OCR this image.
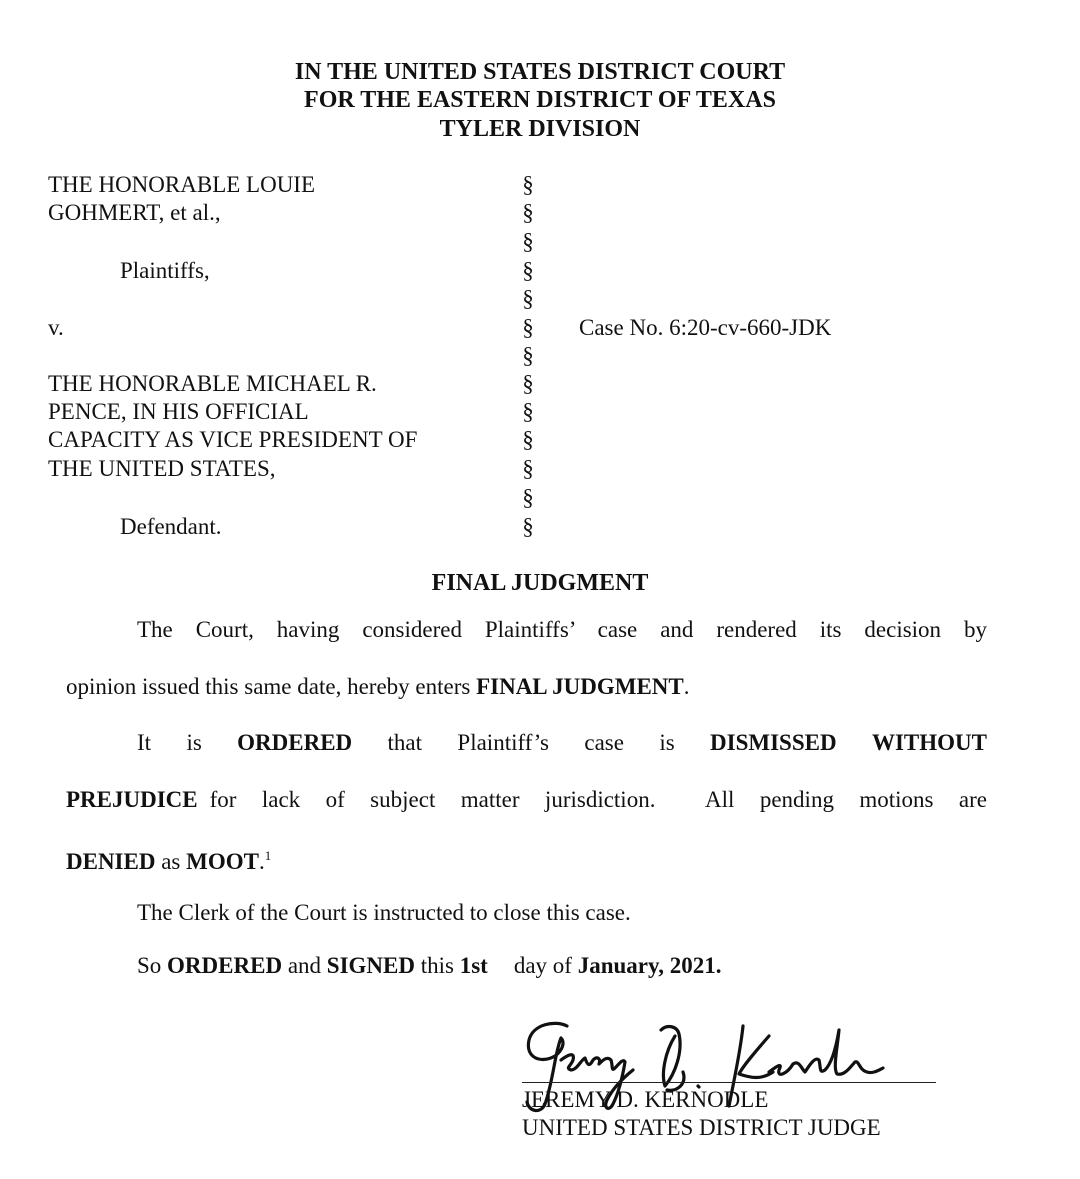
IN THE UNITED STATES DISTRICT COURT
FOR THE EASTERN DISTRICT OF TEXAS
TYLER DIVISION
THE HONORABLE LOUIE
GOHMERT, et al.,
Plaintiffs,
v.
THE HONORABLE MICHAEL R.
PENCE, IN HIS OFFICIAL
CAPACITY AS VICE PRESIDENT OF
THE UNITED STATES,
Defendant.
§
§
§
§
§
§
§
§
§
§
§
§
§
Case No. 6:20-cv-660-JDK
FINAL JUDGMENT
The Court, having considered Plaintiffs’ case and rendered its decision by
opinion issued this same date, hereby enters FINAL JUDGMENT.
It is ORDERED that Plaintiff’s case is DISMISSED WITHOUT
PREJUDICE for lack of subject matter jurisdiction.  All pending motions are
DENIED as MOOT.$^1$
The Clerk of the Court is instructed to close this case.
So ORDERED and SIGNED this 1st day of January, 2021.
JEREMY D. KERNODLE
UNITED STATES DISTRICT JUDGE
